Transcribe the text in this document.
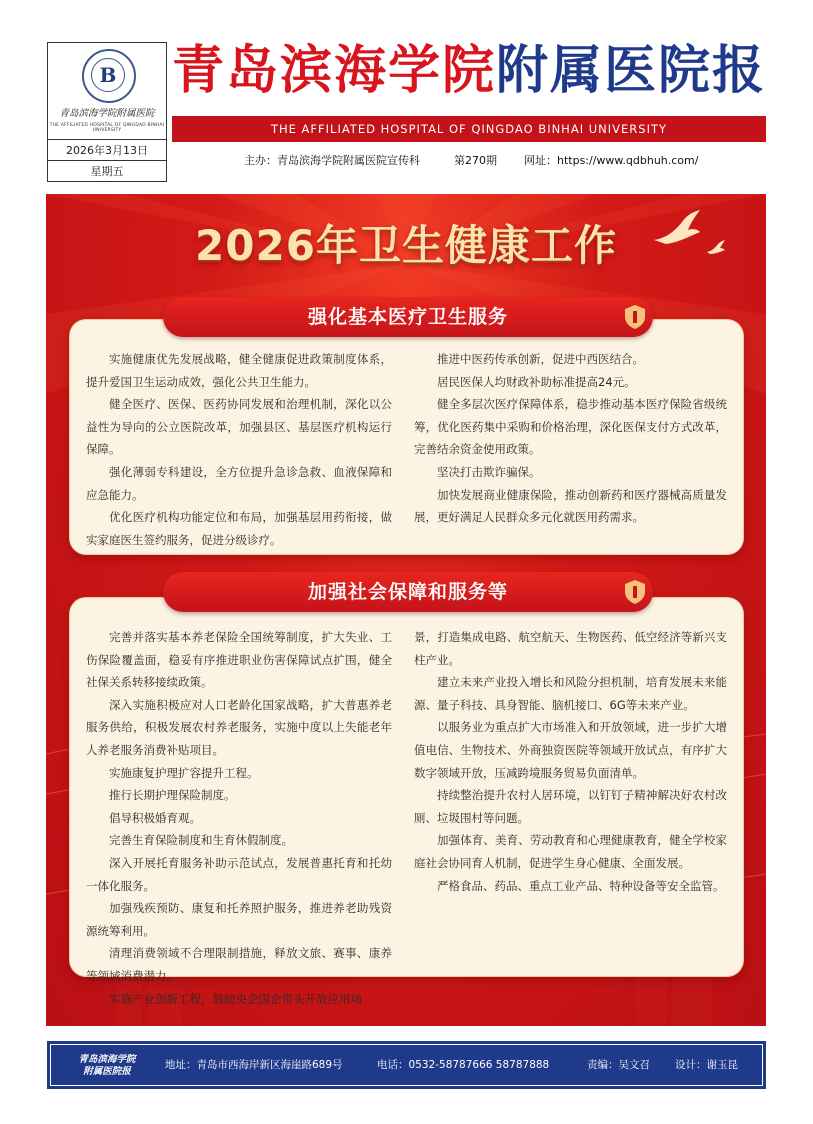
B
青岛滨海学院附属医院
THE AFFILIATED HOSPITAL OF QINGDAO BINHAI UNIVERSITY
2026年3月13日
星期五
青岛滨海学院附属医院报
THE AFFILIATED HOSPITAL OF QINGDAO BINHAI UNIVERSITY
主办：青岛滨海学院附属医院宣传科	第270期 网址：https://www.qdbhuh.com/
2026年卫生健康工作

实施健康优先发展战略，健全健康促进政策制度体系，提升爱国卫生运动成效，强化公共卫生能力。

健全医疗、医保、医药协同发展和治理机制，深化以公益性为导向的公立医院改革，加强县区、基层医疗机构运行保障。

强化薄弱专科建设，全方位提升急诊急救、血液保障和应急能力。

优化医疗机构功能定位和布局，加强基层用药衔接，做实家庭医生签约服务，促进分级诊疗。

推进中医药传承创新，促进中西医结合。

居民医保人均财政补助标准提高24元。

健全多层次医疗保障体系，稳步推动基本医疗保险省级统筹，优化医药集中采购和价格治理，深化医保支付方式改革，完善结余资金使用政策。

坚决打击欺诈骗保。

加快发展商业健康保险，推动创新药和医疗器械高质量发展，更好满足人民群众多元化就医用药需求。

强化基本医疗卫生服务

完善并落实基本养老保险全国统筹制度，扩大失业、工伤保险覆盖面，稳妥有序推进职业伤害保障试点扩围，健全社保关系转移接续政策。

深入实施积极应对人口老龄化国家战略，扩大普惠养老服务供给，积极发展农村养老服务，实施中度以上失能老年人养老服务消费补贴项目。

实施康复护理扩容提升工程。

推行长期护理保险制度。

倡导积极婚育观。

完善生育保险制度和生育休假制度。

深入开展托育服务补助示范试点，发展普惠托育和托幼一体化服务。

加强残疾预防、康复和托养照护服务，推进养老助残资源统筹利用。

清理消费领域不合理限制措施，释放文旅、赛事、康养等领域消费潜力。

实施产业创新工程，鼓励央企国企带头开放应用场

景，打造集成电路、航空航天、生物医药、低空经济等新兴支柱产业。

建立未来产业投入增长和风险分担机制，培育发展未来能源、量子科技、具身智能、脑机接口、6G等未来产业。

以服务业为重点扩大市场准入和开放领域，进一步扩大增值电信、生物技术、外商独资医院等领域开放试点，有序扩大数字领域开放，压减跨境服务贸易负面清单。

持续整治提升农村人居环境，以钉钉子精神解决好农村改厕、垃圾围村等问题。

加强体育、美育、劳动教育和心理健康教育，健全学校家庭社会协同育人机制，促进学生身心健康、全面发展。

严格食品、药品、重点工业产品、特种设备等安全监管。

加强社会保障和服务等
青岛滨海学院
附属医院报
地址：青岛市西海岸新区海崖路689号	电话：0532-58787666 58787888	责编：吴文召 设计：谢玉昆
